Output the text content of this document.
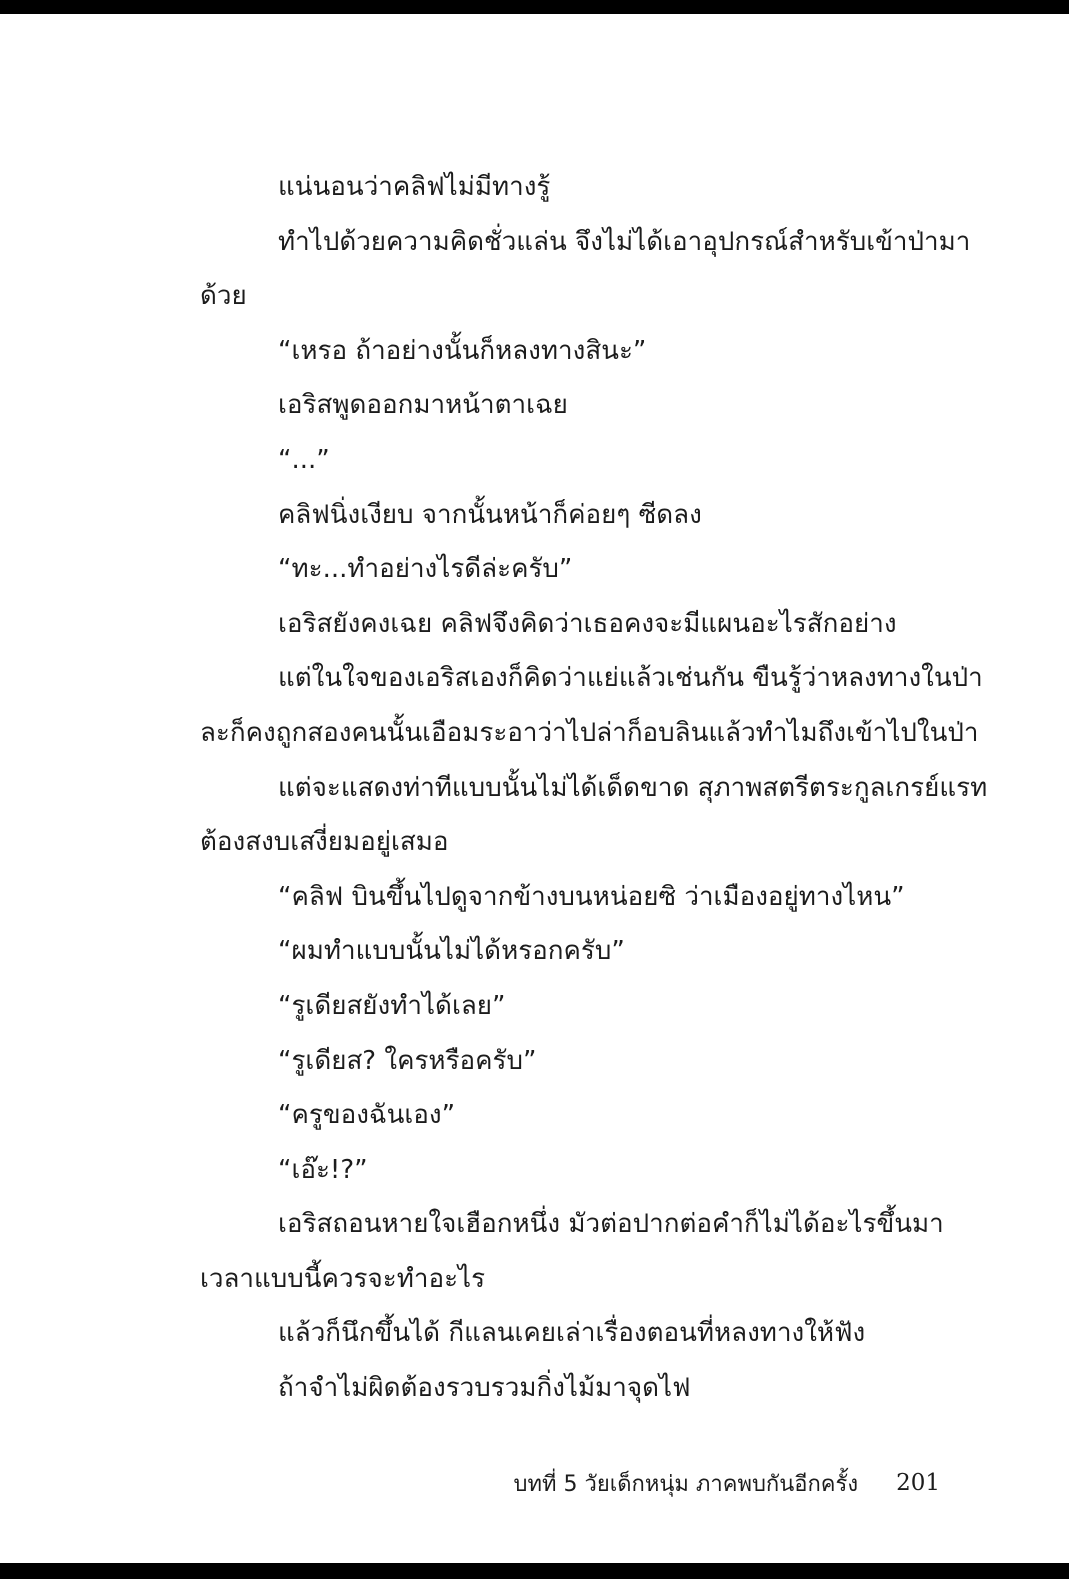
แน่นอนว่าคลิฟไม่มีทางรู้
ทำไปด้วยความคิดชั่วแล่น จึงไม่ได้เอาอุปกรณ์สำหรับเข้าป่ามา
ด้วย
“เหรอ ถ้าอย่างนั้นก็หลงทางสินะ”
เอริสพูดออกมาหน้าตาเฉย
“...”
คลิฟนิ่งเงียบ จากนั้นหน้าก็ค่อยๆ ซีดลง
“ทะ...ทำอย่างไรดีล่ะครับ”
เอริสยังคงเฉย คลิฟจึงคิดว่าเธอคงจะมีแผนอะไรสักอย่าง
แต่ในใจของเอริสเองก็คิดว่าแย่แล้วเช่นกัน ขืนรู้ว่าหลงทางในป่า
ละก็คงถูกสองคนนั้นเอือมระอาว่าไปล่าก็อบลินแล้วทำไมถึงเข้าไปในป่า
แต่จะแสดงท่าทีแบบนั้นไม่ได้เด็ดขาด สุภาพสตรีตระกูลเกรย์แรท
ต้องสงบเสงี่ยมอยู่เสมอ
“คลิฟ บินขึ้นไปดูจากข้างบนหน่อยซิ ว่าเมืองอยู่ทางไหน”
“ผมทำแบบนั้นไม่ได้หรอกครับ”
“รูเดียสยังทำได้เลย”
“รูเดียส? ใครหรือครับ”
“ครูของฉันเอง”
“เอ๊ะ!?”
เอริสถอนหายใจเฮือกหนึ่ง มัวต่อปากต่อคำก็ไม่ได้อะไรขึ้นมา
เวลาแบบนี้ควรจะทำอะไร
แล้วก็นึกขึ้นได้ กีแลนเคยเล่าเรื่องตอนที่หลงทางให้ฟัง
ถ้าจำไม่ผิดต้องรวบรวมกิ่งไม้มาจุดไฟ
บทที่ 5 วัยเด็กหนุ่ม ภาคพบกันอีกครั้ง 201
